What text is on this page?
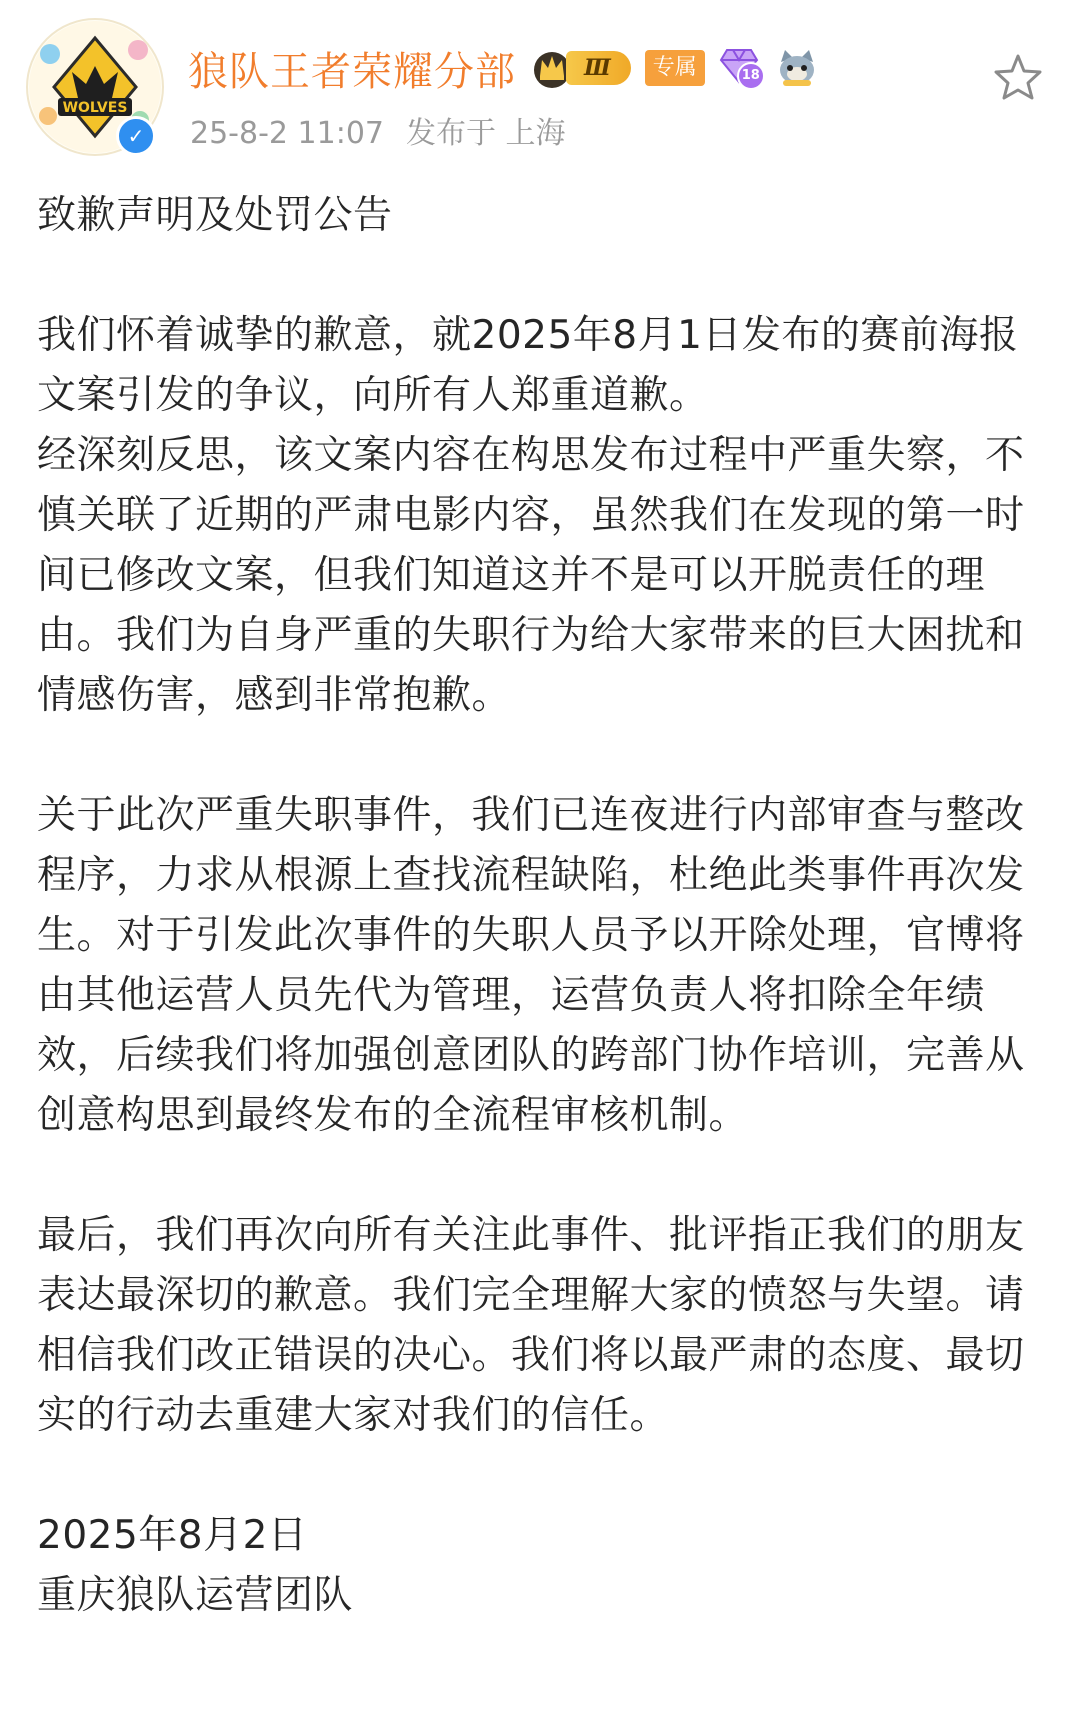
WOLVES
✓
狼队王者荣耀分部	Ⅲ	专属	18
25-8-2 11:07 发布于 上海

致歉声明及处罚公告

我们怀着诚挚的歉意，就2025年8月1日发布的赛前海报文案引发的争议，向所有人郑重道歉。

经深刻反思，该文案内容在构思发布过程中严重失察，不慎关联了近期的严肃电影内容，虽然我们在发现的第一时间已修改文案，但我们知道这并不是可以开脱责任的理由。我们为自身严重的失职行为给大家带来的巨大困扰和情感伤害，感到非常抱歉。

关于此次严重失职事件，我们已连夜进行内部审查与整改程序，力求从根源上查找流程缺陷，杜绝此类事件再次发生。对于引发此次事件的失职人员予以开除处理，官博将由其他运营人员先代为管理，运营负责人将扣除全年绩效，后续我们将加强创意团队的跨部门协作培训，完善从创意构思到最终发布的全流程审核机制。

最后，我们再次向所有关注此事件、批评指正我们的朋友表达最深切的歉意。我们完全理解大家的愤怒与失望。请相信我们改正错误的决心。我们将以最严肃的态度、最切实的行动去重建大家对我们的信任。

2025年8月2日

重庆狼队运营团队
